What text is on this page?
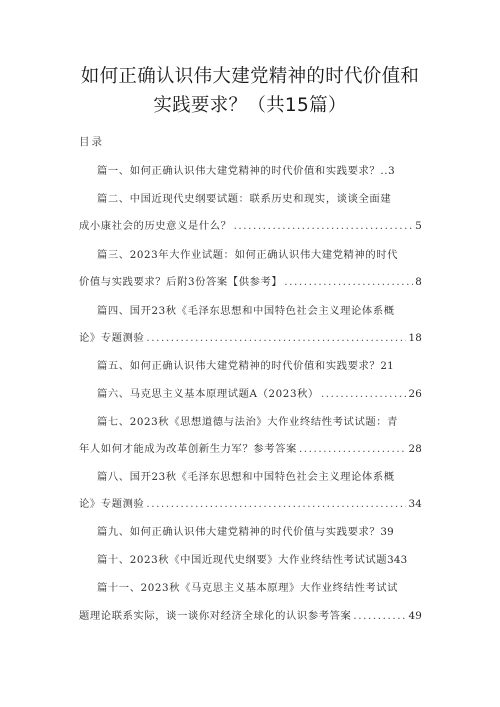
如何正确认识伟大建党精神的时代价值和
实践要求？（共15篇）
目录
篇一、如何正确认识伟大建党精神的时代价值和实践要求？..3
篇二、中国近现代史纲要试题：联系历史和现实，谈谈全面建
成小康社会的历史意义是什么？ .....	5
篇三、2023年大作业试题：如何正确认识伟大建党精神的时代
价值与实践要求？后附3份答案【供参考】 .....	8
篇四、国开23秋《毛泽东思想和中国特色社会主义理论体系概
论》专题测验 .....	18
篇五、如何正确认识伟大建党精神的时代价值和实践要求？21
篇六、马克思主义基本原理试题A（2023秋） .....	26
篇七、2023秋《思想道德与法治》大作业终结性考试试题：青
年人如何才能成为改革创新生力军？参考答案 .....	28
篇八、国开23秋《毛泽东思想和中国特色社会主义理论体系概
论》专题测验 .....	34
篇九、如何正确认识伟大建党精神的时代价值与实践要求？39
篇十、2023秋《中国近现代史纲要》大作业终结性考试试题343
篇十一、2023秋《马克思主义基本原理》大作业终结性考试试
题理论联系实际，谈一谈你对经济全球化的认识参考答案 .....	49
